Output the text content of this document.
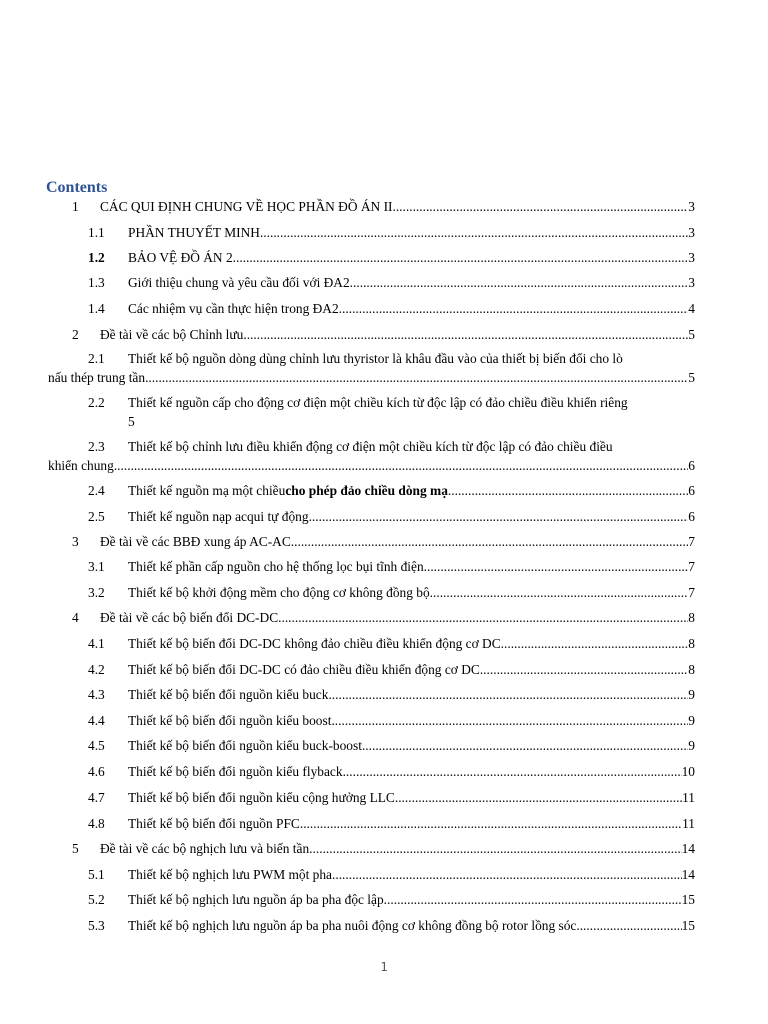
Contents
1	CÁC QUI ĐỊNH CHUNG VỀ HỌC PHẦN ĐỒ ÁN II .....	3
1.1	PHẦN THUYẾT MINH .....	3
1.2	BẢO VỆ ĐỒ ÁN 2 .....	3
1.3	Giới thiệu chung và yêu cầu đối với ĐA2 .....	3
1.4	Các nhiệm vụ cần thực hiện trong ĐA2 .....	4
2	Đề tài về các bộ Chỉnh lưu .....	5
2.1	Thiết kế bộ nguồn dòng dùng chỉnh lưu thyristor là khâu đầu vào của thiết bị biến đổi cho lò
nấu thép trung tần .....	5
2.2	Thiết kế nguồn cấp cho động cơ điện một chiều kích từ độc lập có đảo chiều điều khiển riêng
5
2.3	Thiết kế bộ chỉnh lưu điều khiển động cơ điện một chiều kích từ độc lập có đảo chiều điều
khiển chung .....	6
2.4	Thiết kế nguồn mạ một chiều cho phép đảo chiều dòng mạ .....	6
2.5	Thiết kế nguồn nạp acqui tự động .....	6
3	Đề tài về các BBĐ xung áp AC-AC .....	7
3.1	Thiết kế phần cấp nguồn cho hệ thống lọc bụi tĩnh điện .....	7
3.2	Thiết kế bộ khởi động mềm cho động cơ không đồng bộ .....	7
4	Đề tài về các bộ biến đổi DC-DC .....	8
4.1	Thiết kế bộ biến đổi DC-DC không đảo chiều điều khiển động cơ DC .....	8
4.2	Thiết kế bộ biến đổi DC-DC có đảo chiều điều khiển động cơ DC .....	8
4.3	Thiết kế bộ biến đổi nguồn kiểu buck .....	9
4.4	Thiết kế bộ biến đổi nguồn kiểu boost .....	9
4.5	Thiết kế bộ biến đổi nguồn kiểu buck-boost .....	9
4.6	Thiết kế bộ biến đổi nguồn kiểu flyback .....	10
4.7	Thiết kế bộ biến đổi nguồn kiểu cộng hưởng LLC .....	11
4.8	Thiết kế bộ biến đổi nguồn PFC .....	11
5	Đề tài về các bộ nghịch lưu và biến tần .....	14
5.1	Thiết kế bộ nghịch lưu PWM một pha .....	14
5.2	Thiết kế bộ nghịch lưu nguồn áp ba pha độc lập .....	15
5.3	Thiết kế bộ nghịch lưu nguồn áp ba pha nuôi động cơ không đồng bộ rotor lồng sóc .....	15
1
